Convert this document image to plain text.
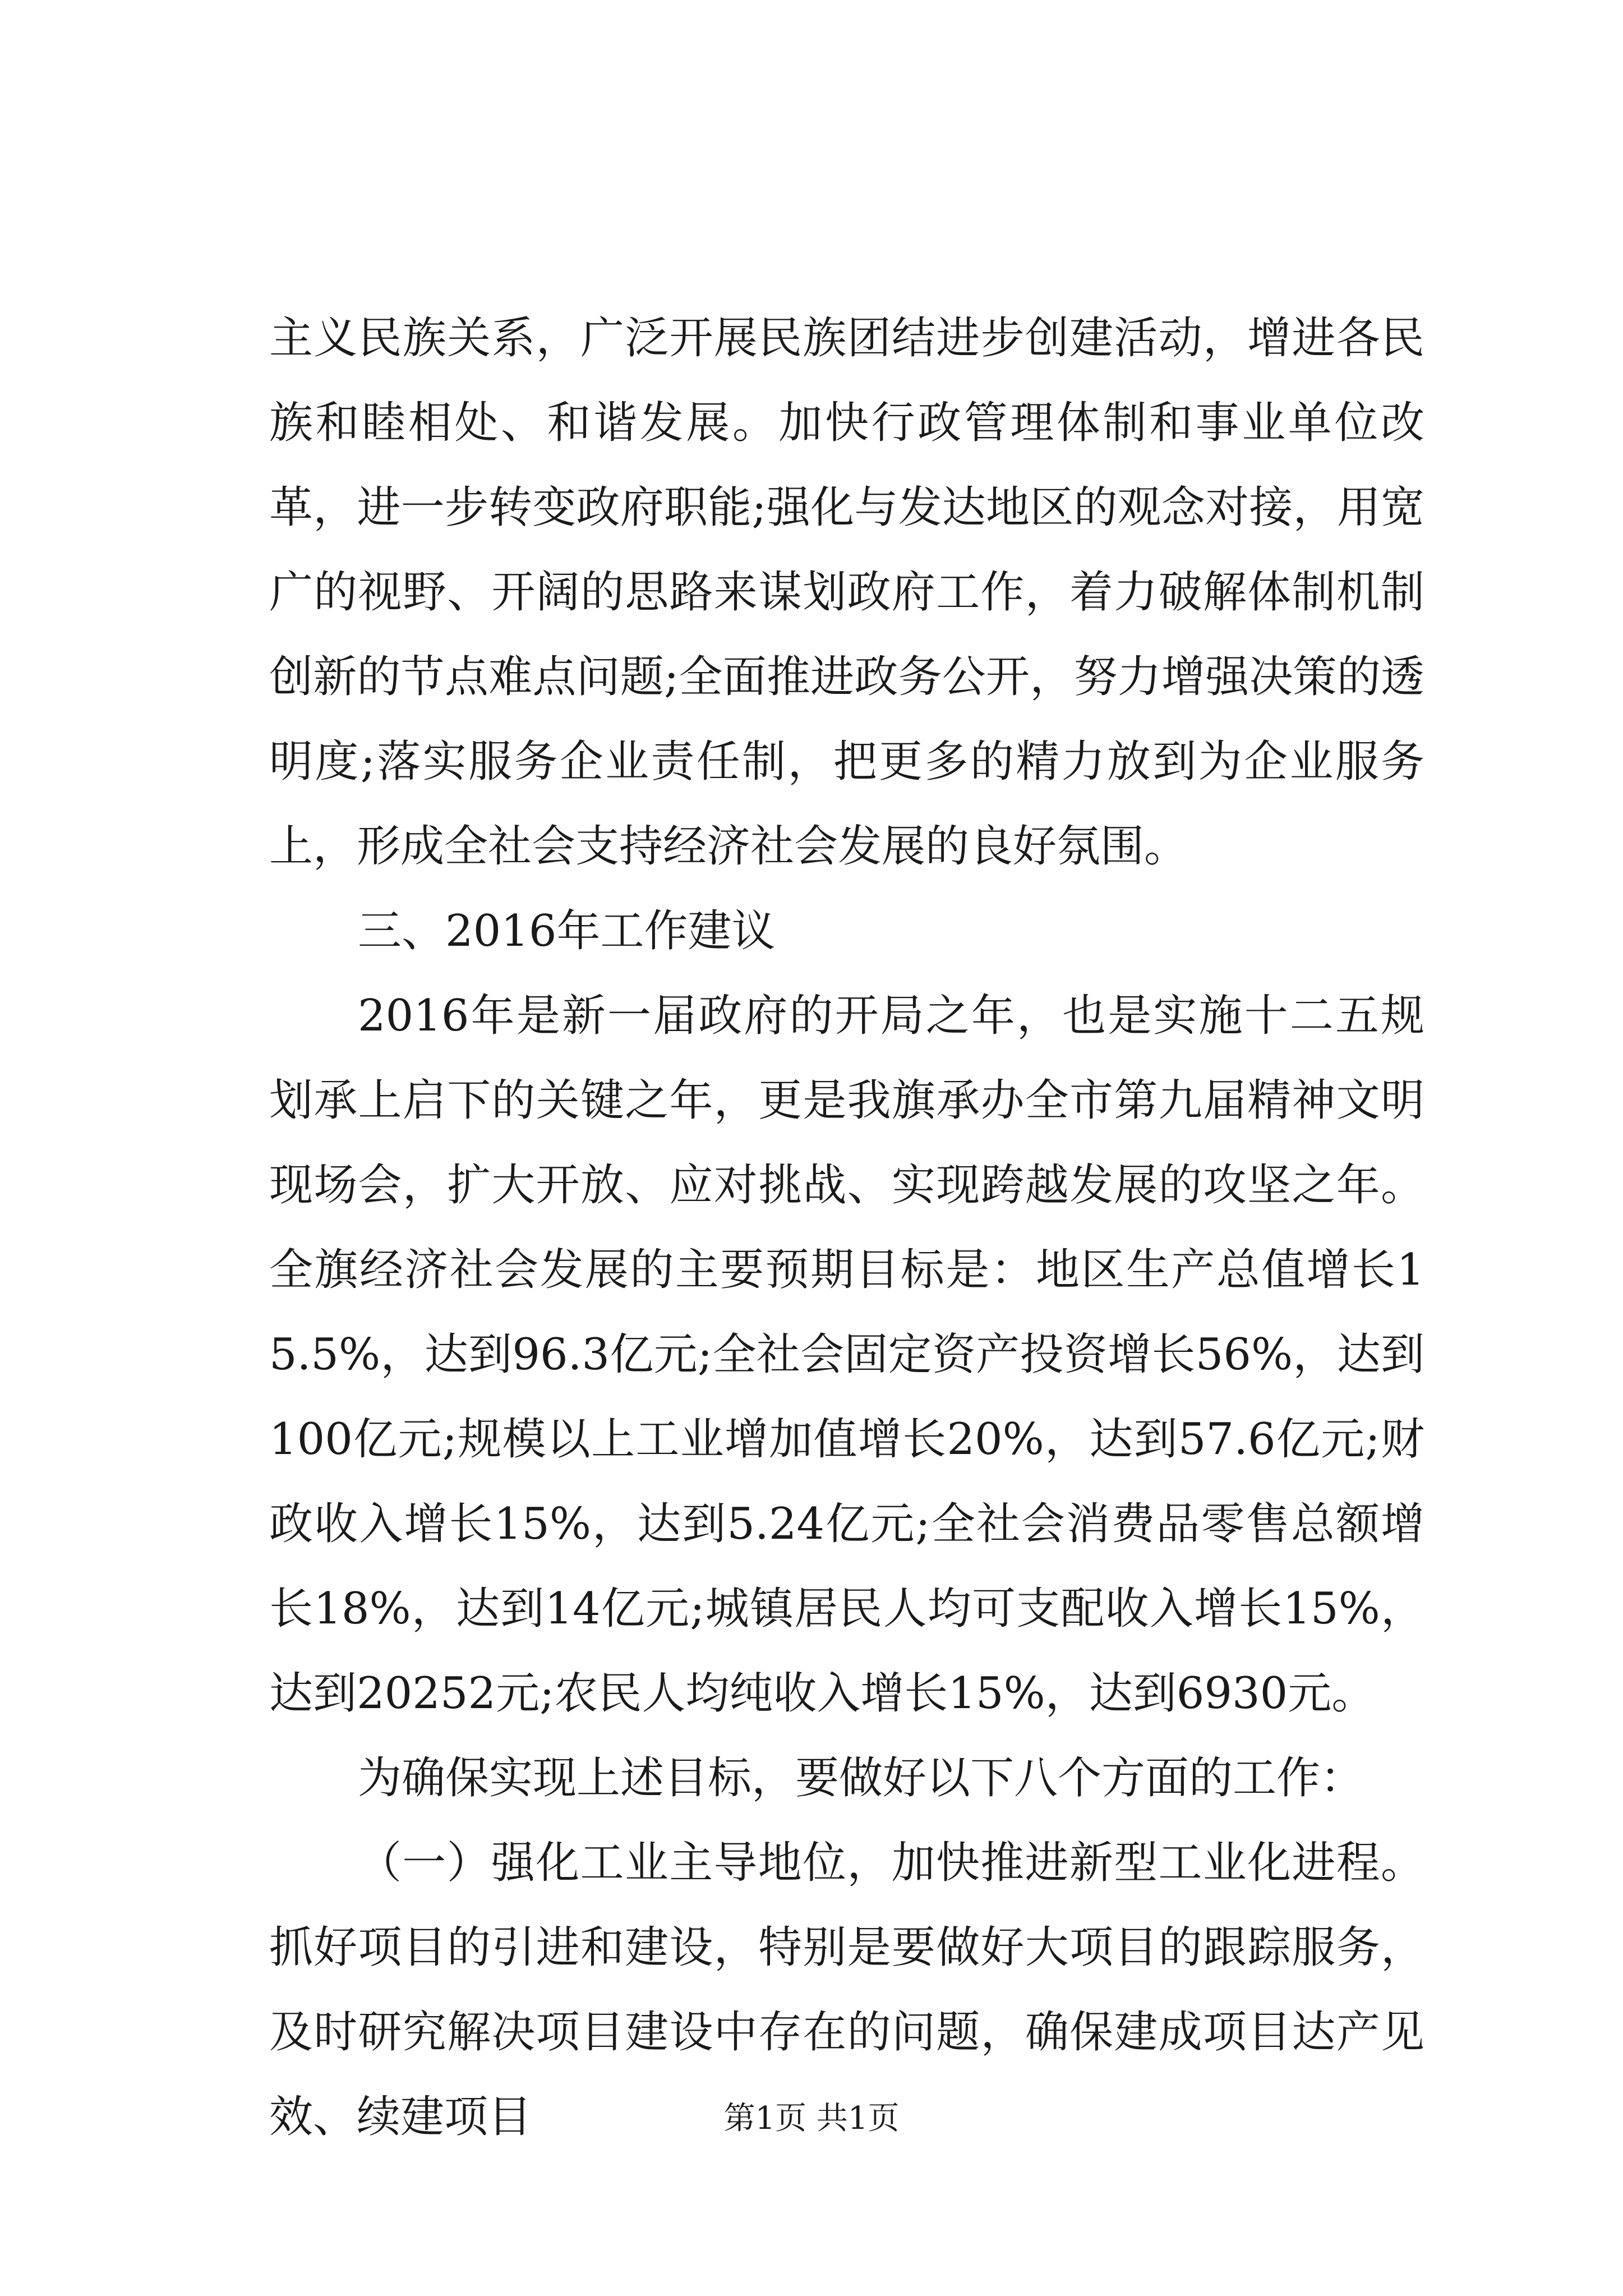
主义民族关系，广泛开展民族团结进步创建活动，增进各民族和睦相处、和谐发展。加快行政管理体制和事业单位改革，进一步转变政府职能;强化与发达地区的观念对接，用宽广的视野、开阔的思路来谋划政府工作，着力破解体制机制创新的节点难点问题;全面推进政务公开，努力增强决策的透明度;落实服务企业责任制，把更多的精力放到为企业服务上，形成全社会支持经济社会发展的良好氛围。

三、2016年工作建议

2016年是新一届政府的开局之年，也是实施十二五规划承上启下的关键之年，更是我旗承办全市第九届精神文明现场会，扩大开放、应对挑战、实现跨越发展的攻坚之年。全旗经济社会发展的主要预期目标是：地区生产总值增长15.5%，达到96.3亿元;全社会固定资产投资增长56%，达到100亿元;规模以上工业增加值增长20%，达到57.6亿元;财政收入增长15%，达到5.24亿元;全社会消费品零售总额增长18%，达到14亿元;城镇居民人均可支配收入增长15%，达到20252元;农民人均纯收入增长15%，达到6930元。

为确保实现上述目标，要做好以下八个方面的工作：

（一）强化工业主导地位，加快推进新型工业化进程。抓好项目的引进和建设，特别是要做好大项目的跟踪服务，及时研究解决项目建设中存在的问题，确保建成项目达产见效、续建项目	第1页 共1页
